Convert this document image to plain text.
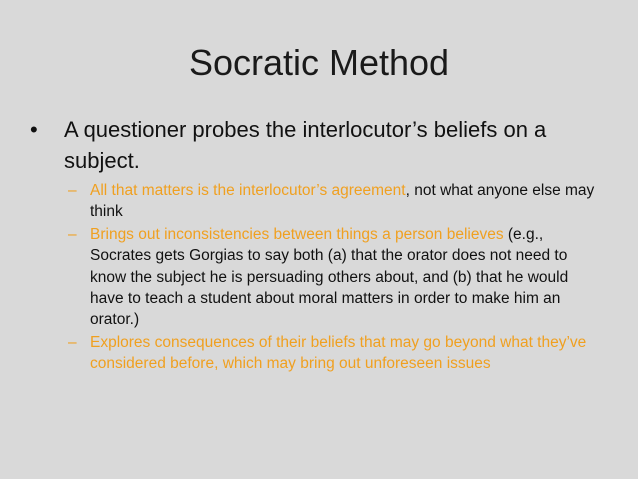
Socratic Method
• A questioner probes the interlocutor’s beliefs on a subject.
– All that matters is the interlocutor’s agreement, not what anyone else may think
– Brings out inconsistencies between things a person believes (e.g., Socrates gets Gorgias to say both (a) that the orator does not need to know the subject he is persuading others about, and (b) that he would have to teach a student about moral matters in order to make him an orator.)
– Explores consequences of their beliefs that may go beyond what they’ve considered before, which may bring out unforeseen issues
